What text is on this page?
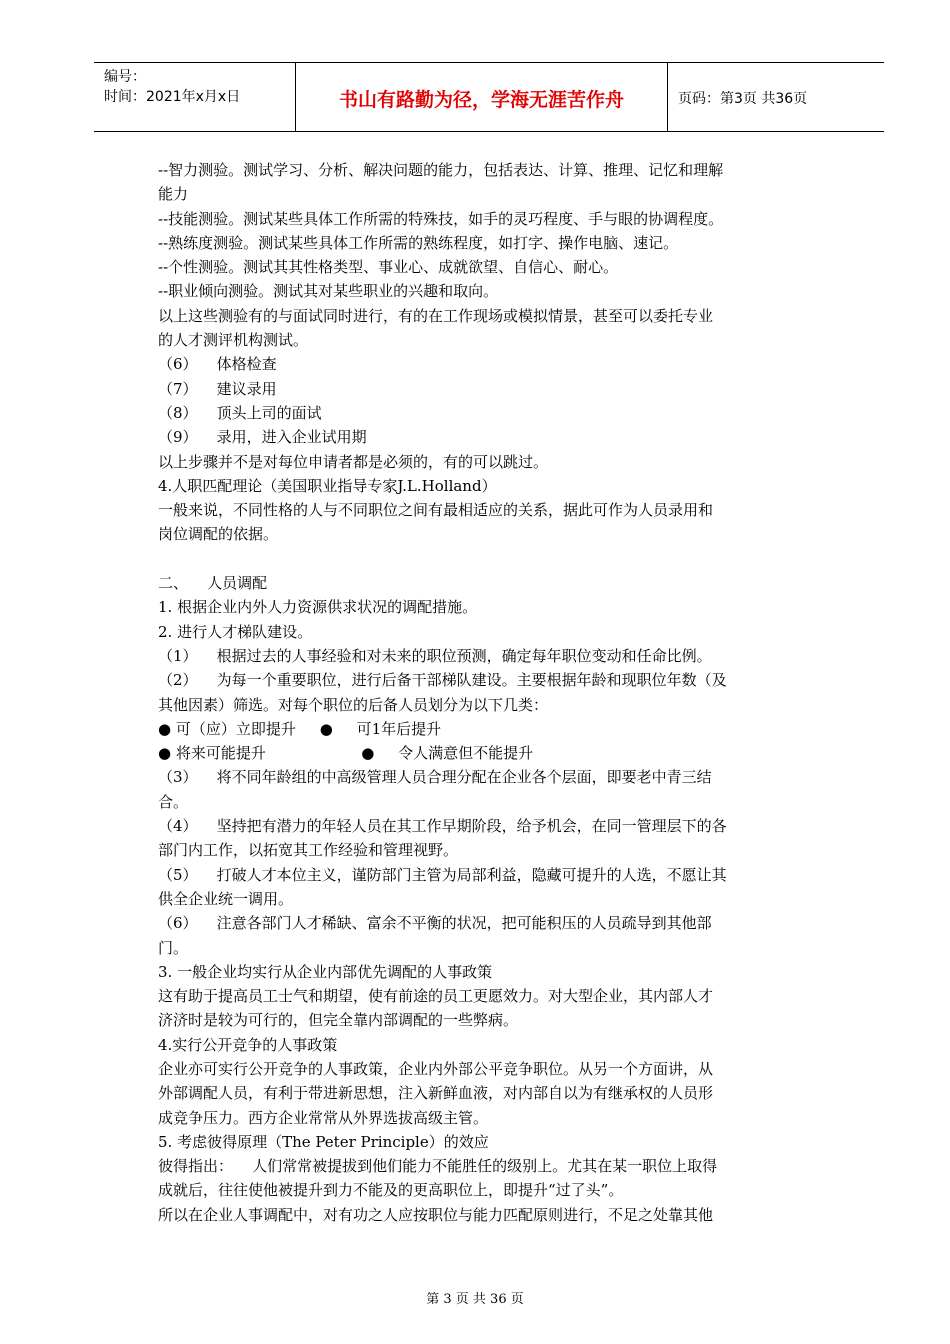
编号：
时间：2021年x月x日	书山有路勤为径，学海无涯苦作舟	页码：第3页 共36页

--智力测验。测试学习、分析、解决问题的能力，包括表达、计算、推理、记忆和理解

能力

--技能测验。测试某些具体工作所需的特殊技，如手的灵巧程度、手与眼的协调程度。

--熟练度测验。测试某些具体工作所需的熟练程度，如打字、操作电脑、速记。

--个性测验。测试其其性格类型、事业心、成就欲望、自信心、耐心。

--职业倾向测验。测试其对某些职业的兴趣和取向。

以上这些测验有的与面试同时进行，有的在工作现场或模拟情景，甚至可以委托专业

的人才测评机构测试。

（6）    体格检查

（7）    建议录用

（8）    顶头上司的面试

（9）    录用，进入企业试用期

以上步骤并不是对每位申请者都是必须的，有的可以跳过。

4.人职匹配理论（美国职业指导专家J.L.Holland）

一般来说，不同性格的人与不同职位之间有最相适应的关系，据此可作为人员录用和

岗位调配的依据。

二、    人员调配

1. 根据企业内外人力资源供求状况的调配措施。

2. 进行人才梯队建设。

（1）    根据过去的人事经验和对未来的职位预测，确定每年职位变动和任命比例。

（2）    为每一个重要职位，进行后备干部梯队建设。主要根据年龄和现职位年数（及

其他因素）筛选。对每个职位的后备人员划分为以下几类：

● 可（应）立即提升     ●     可1年后提升

● 将来可能提升                    ●     令人满意但不能提升

（3）    将不同年龄组的中高级管理人员合理分配在企业各个层面，即要老中青三结

合。

（4）    坚持把有潜力的年轻人员在其工作早期阶段，给予机会，在同一管理层下的各

部门内工作，以拓宽其工作经验和管理视野。

（5）    打破人才本位主义，谨防部门主管为局部利益，隐藏可提升的人选，不愿让其

供全企业统一调用。

（6）    注意各部门人才稀缺、富余不平衡的状况，把可能积压的人员疏导到其他部

门。

3. 一般企业均实行从企业内部优先调配的人事政策

这有助于提高员工士气和期望，使有前途的员工更愿效力。对大型企业，其内部人才

济济时是较为可行的，但完全靠内部调配的一些弊病。

4.实行公开竞争的人事政策

企业亦可实行公开竞争的人事政策，企业内外部公平竞争职位。从另一个方面讲，从

外部调配人员，有利于带进新思想，注入新鲜血液，对内部自以为有继承权的人员形

成竞争压力。西方企业常常从外界选拔高级主管。

5. 考虑彼得原理（The Peter Principle）的效应

彼得指出：    人们常常被提拔到他们能力不能胜任的级别上。尤其在某一职位上取得

成就后，往往使他被提升到力不能及的更高职位上，即提升“过了头”。

所以在企业人事调配中，对有功之人应按职位与能力匹配原则进行，不足之处靠其他

第 3 页 共 36 页
